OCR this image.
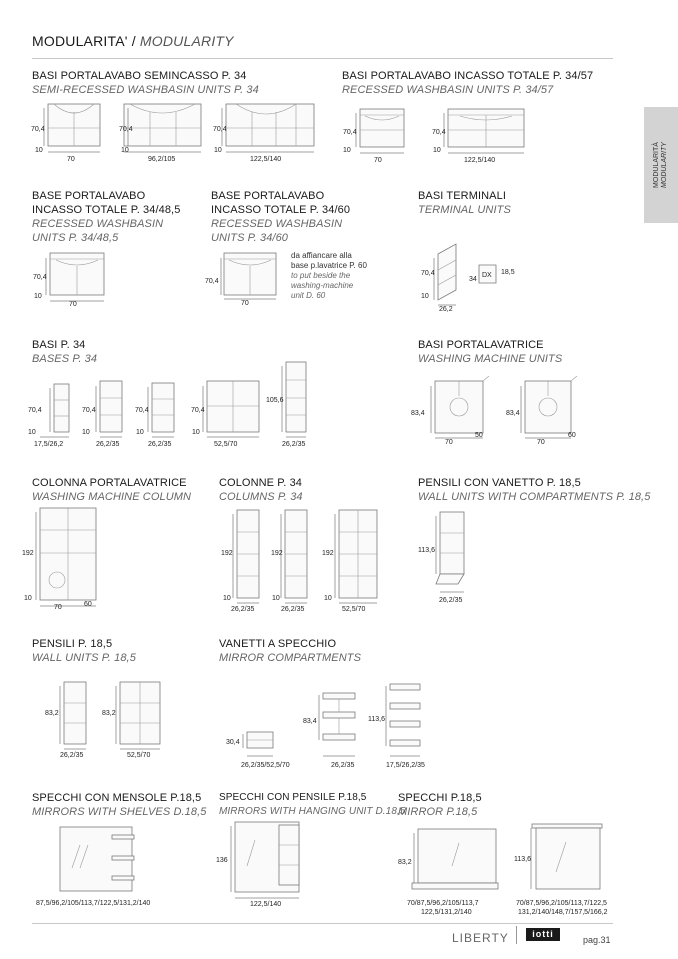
MODULARITA' / MODULARITY
MODULARITÀ MODULARITY
BASI PORTALAVABO SEMINCASSO P. 34
SEMI-RECESSED WASHBASIN UNITS P. 34
BASI PORTALAVABO INCASSO TOTALE P. 34/57
RECESSED WASHBASIN UNITS P. 34/57
BASE PORTALAVABO
INCASSO TOTALE P. 34/48,5
RECESSED WASHBASIN
UNITS P. 34/48,5
BASE PORTALAVABO
INCASSO TOTALE P. 34/60
RECESSED WASHBASIN
UNITS P. 34/60
BASI TERMINALI
TERMINAL UNITS
BASI P. 34
BASES P. 34
BASI PORTALAVATRICE
WASHING MACHINE UNITS
COLONNA PORTALAVATRICE
WASHING MACHINE COLUMN
COLONNE P. 34
COLUMNS P. 34
PENSILI CON VANETTO P. 18,5
WALL UNITS WITH COMPARTMENTS P. 18,5
PENSILI P. 18,5
WALL UNITS P. 18,5
VANETTI A SPECCHIO
MIRROR COMPARTMENTS
SPECCHI CON MENSOLE P.18,5
MIRRORS WITH SHELVES D.18,5
SPECCHI CON PENSILE P.18,5
MIRRORS WITH HANGING UNIT D.18,5
SPECCHI P.18,5
MIRROR P.18,5
da affiancare alla
base p.lavatrice P. 60
to put beside the
washing-machine
unit D. 60
70,4
10
70
70,4
10
96,2/105
70,4
10
122,5/140
70,4
10
70
70,4
10
122,5/140
70,4
10
70
70,4
70
DX
70,4
10
26,2
34
18,5
70,4
10
17,5/26,2
70,4
10
26,2/35
70,4
10
26,2/35
70,4
10
52,5/70
105,6
26,2/35
83,4
70
50
83,4
70
60
192
10
70	60
192
10
26,2/35
192
10
26,2/35
192
10
52,5/70
113,6
26,2/35
83,2
26,2/35
83,2
52,5/70
30,4
26,2/35/52,5/70
83,4
26,2/35
113,6
17,5/26,2/35
87,5/96,2/105/113,7/122,5/131,2/140
136
122,5/140
83,2
70/87,5/96,2/105/113,7
122,5/131,2/140
113,6
70/87,5/96,2/105/113,7/122,5
131,2/140/148,7/157,5/166,2
LIBERTY	iotti
pag.31
